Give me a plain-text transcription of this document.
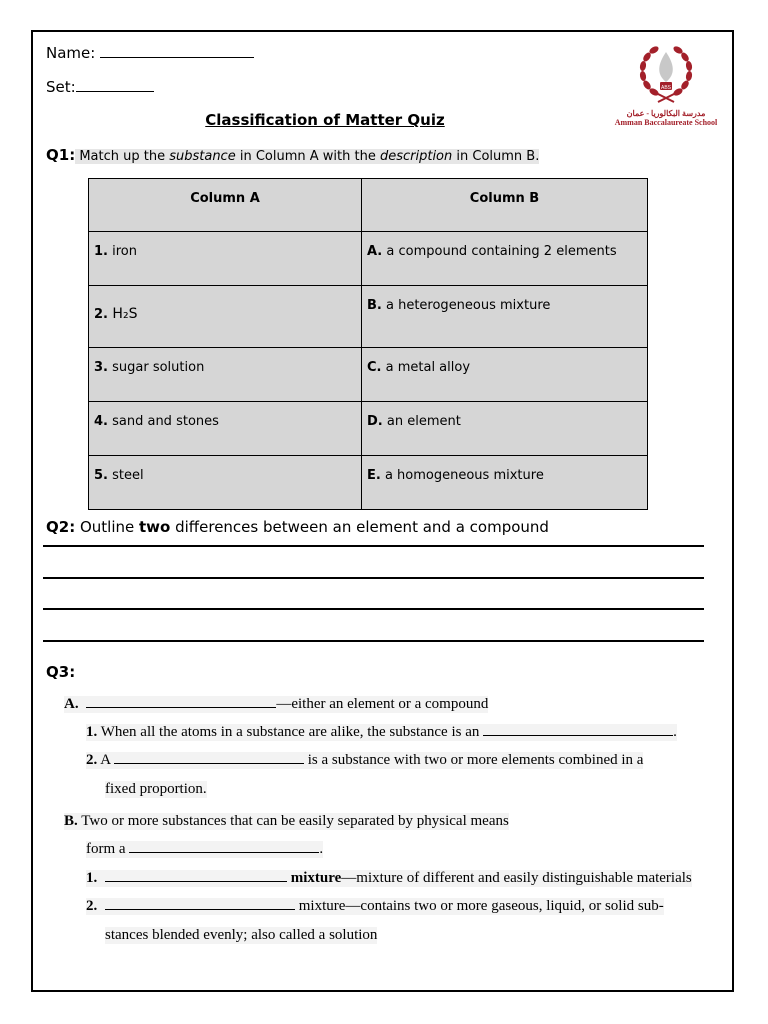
Name:
Set:	ABS
مدرسة البكالوريا - عمان
Amman Baccalaureate School
Classification of Matter Quiz
Q1: Match up the substance in Column A with the description in Column B.
Column A	Column B
1. iron	A. a compound containing 2 elements
2. H₂S	B. a heterogeneous mixture
3. sugar solution	C. a metal alloy
4. sand and stones	D. an element
5. steel	E. a homogeneous mixture
Q2: Outline two differences between an element and a compound
Q3:
A.	—either an element or a compound
1. When all the atoms in a substance are alike, the substance is an	.
2. A	is a substance with two or more elements combined in a
fixed proportion.
B. Two or more substances that can be easily separated by physical means
form a	.
1.	mixture—mixture of different and easily distinguishable materials
2.	mixture—contains two or more gaseous, liquid, or solid sub-
stances blended evenly; also called a solution
